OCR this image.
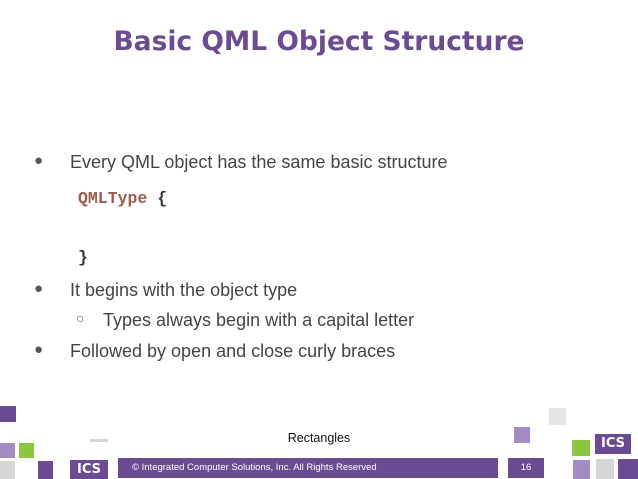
Basic QML Object Structure
● Every QML object has the same basic structure
● It begins with the object type
○ Types always begin with a capital letter
● Followed by open and close curly braces
QMLType {
}
Rectangles
ICS
ICS
© Integrated Computer Solutions, Inc. All Rights Reserved	16
